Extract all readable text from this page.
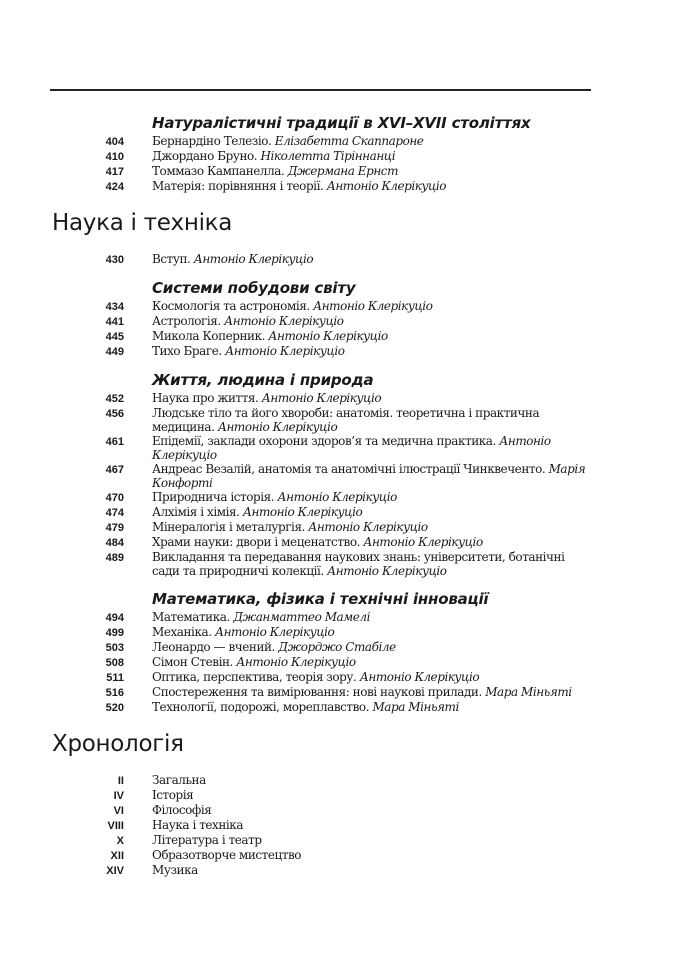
Натуралістичні традиції в XVI–XVII століттях
404 Бернардіно Телезіо. Елізабетта Скаппароне
410 Джордано Бруно. Ніколетта Тіріннанці
417 Томмазо Кампанелла. Джермана Ернст
424 Матерія: порівняння і теорії. Антоніо Клерікуціо
Наука і техніка
430 Вступ. Антоніо Клерікуціо
Системи побудови світу
434 Космологія та астрономія. Антоніо Клерікуціо
441 Астрологія. Антоніо Клерікуціо
445 Микола Коперник. Антоніо Клерікуціо
449 Тихо Браге. Антоніо Клерікуціо
Життя, людина і природа
452 Наука про життя. Антоніо Клерікуціо
456 Людське тіло та його хвороби: анатомія. теоретична і практична медицина. Антоніо Клерікуціо
461 Епідемії, заклади охорони здоров’я та медична практика. Антоніо Клерікуціо
467 Андреас Везалій, анатомія та анатомічні ілюстрації Чинквеченто. Марія Конфорті
470 Природнича історія. Антоніо Клерікуціо
474 Алхімія і хімія. Антоніо Клерікуціо
479 Мінералогія і металургія. Антоніо Клерікуціо
484 Храми науки: двори і меценатство. Антоніо Клерікуціо
489 Викладання та передавання наукових знань: університети, ботанічні сади та природничі колекції. Антоніо Клерікуціо
Математика, фізика і технічні інновації
494 Математика. Джанматтео Мамелі
499 Механіка. Антоніо Клерікуціо
503 Леонардо — вчений. Джорджо Стабіле
508 Сімон Стевін. Антоніо Клерікуціо
511 Оптика, перспектива, теорія зору. Антоніо Клерікуціо
516 Спостереження та вимірювання: нові наукові прилади. Мара Міньяті
520 Технології, подорожі, мореплавство. Мара Міньяті
Хронологія
II Загальна
IV Історія
VI Філософія
VIII Наука і техніка
X Література і театр
XII Образотворче мистецтво
XIV Музика
